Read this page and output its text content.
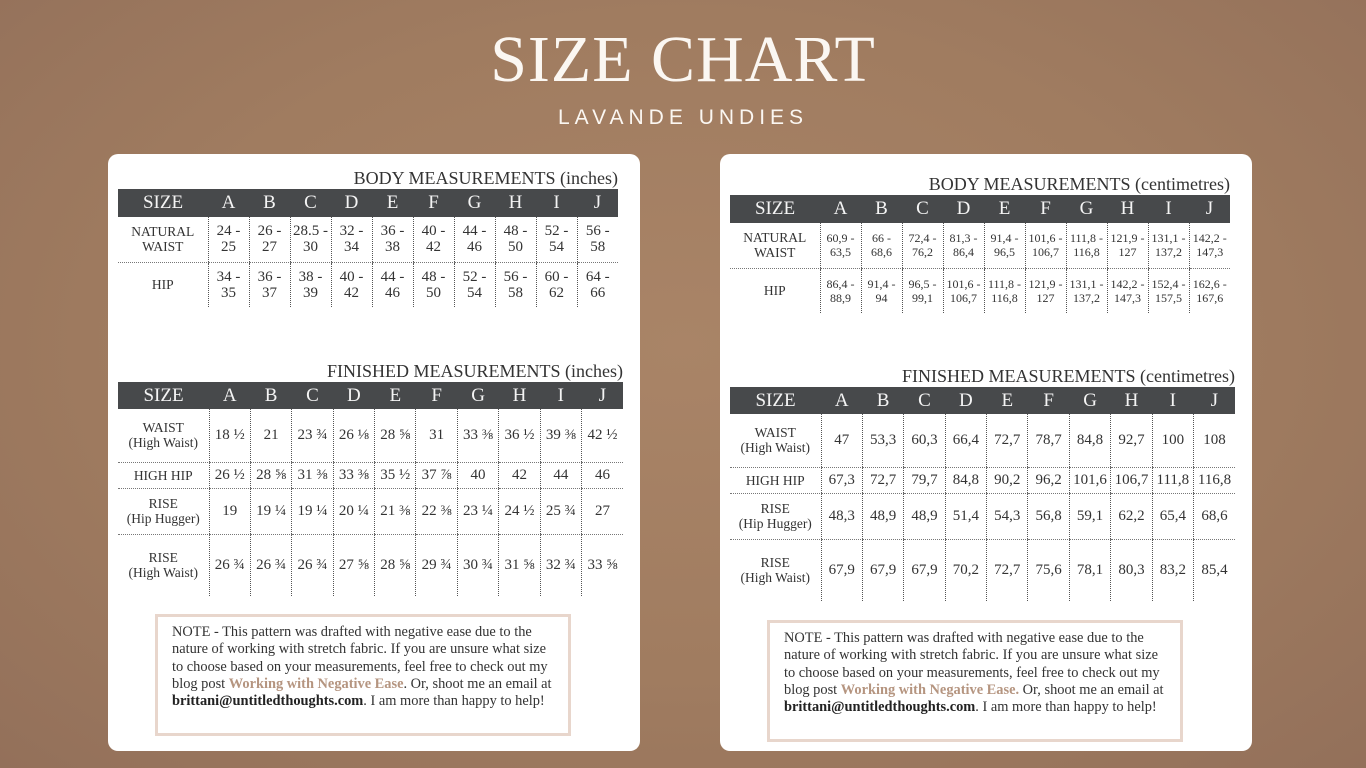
SIZE CHART
LAVANDE UNDIES
BODY MEASUREMENTS (inches)
SIZE	A	B	C	D	E	F	G	H	I	J

NATURAL
WAIST	24 - 25	26 - 27	28.5 - 30	32 - 34	36 - 38	40 - 42	44 - 46	48 - 50	52 - 54	56 - 58

HIP	34 - 35	36 - 37	38 - 39	40 - 42	44 - 46	48 - 50	52 - 54	56 - 58	60 - 62	64 - 66
FINISHED MEASUREMENTS (inches)
SIZE	A	B	C	D	E	F	G	H	I	J

WAIST
(High Waist)	18 ½	21	23 ¾	26 ⅛	28 ⅝	31	33 ⅜	36 ½	39 ⅜	42 ½

HIGH HIP	26 ½	28 ⅝	31 ⅜	33 ⅜	35 ½	37 ⅞	40	42	44	46

RISE
(Hip Hugger)	19	19 ¼	19 ¼	20 ¼	21 ⅜	22 ⅜	23 ¼	24 ½	25 ¾	27

RISE
(High Waist)	26 ¾	26 ¾	26 ¾	27 ⅝	28 ⅝	29 ¾	30 ¾	31 ⅝	32 ¾	33 ⅝
NOTE - This pattern was drafted with negative ease due to the nature of working with stretch fabric. If you are unsure what size to choose based on your measurements, feel free to check out my blog post Working with Negative Ease. Or, shoot me an email at brittani@untitledthoughts.com. I am more than happy to help!
BODY MEASUREMENTS (centimetres)
SIZE	A	B	C	D	E	F	G	H	I	J

NATURAL
WAIST	60,9 - 63,5	66 - 68,6	72,4 - 76,2	81,3 - 86,4	91,4 - 96,5	101,6 - 106,7	111,8 - 116,8	121,9 - 127	131,1 - 137,2	142,2 - 147,3

HIP	86,4 - 88,9	91,4 - 94	96,5 - 99,1	101,6 - 106,7	111,8 - 116,8	121,9 - 127	131,1 - 137,2	142,2 - 147,3	152,4 - 157,5	162,6 - 167,6
FINISHED MEASUREMENTS (centimetres)
SIZE	A	B	C	D	E	F	G	H	I	J

WAIST
(High Waist)	47	53,3	60,3	66,4	72,7	78,7	84,8	92,7	100	108

HIGH HIP	67,3	72,7	79,7	84,8	90,2	96,2	101,6	106,7	111,8	116,8

RISE
(Hip Hugger)	48,3	48,9	48,9	51,4	54,3	56,8	59,1	62,2	65,4	68,6

RISE
(High Waist)	67,9	67,9	67,9	70,2	72,7	75,6	78,1	80,3	83,2	85,4
NOTE - This pattern was drafted with negative ease due to the nature of working with stretch fabric. If you are unsure what size to choose based on your measurements, feel free to check out my blog post Working with Negative Ease. Or, shoot me an email at brittani@untitledthoughts.com. I am more than happy to help!
